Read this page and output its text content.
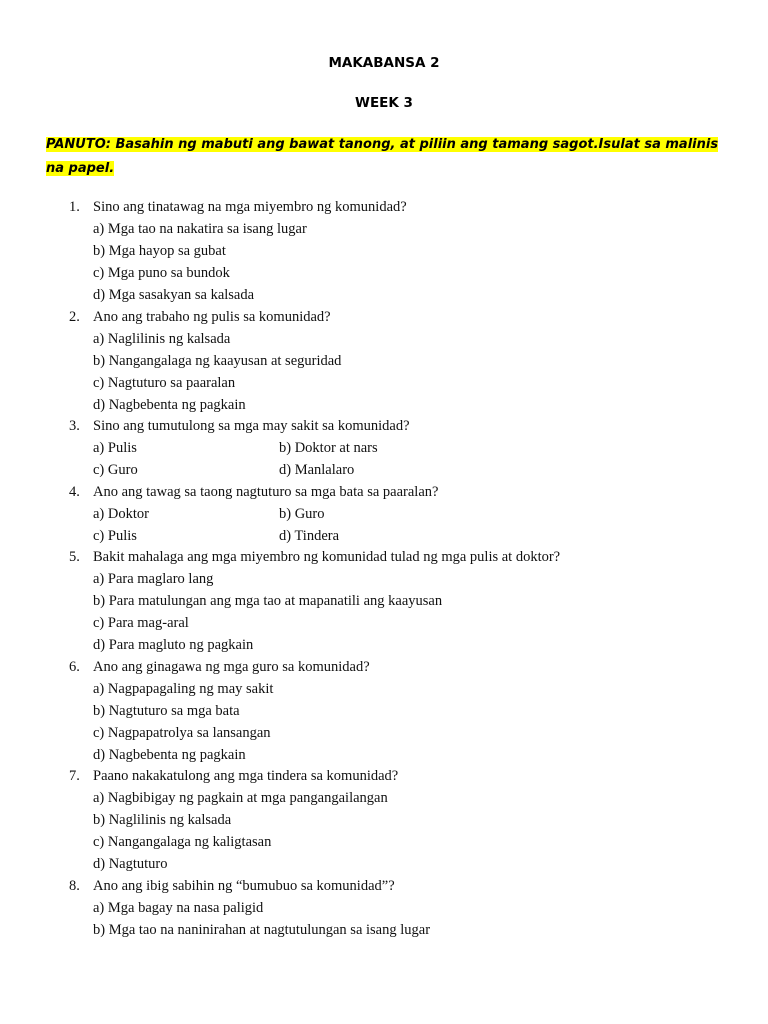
MAKABANSA 2
WEEK 3
PANUTO: Basahin ng mabuti ang bawat tanong, at piliin ang tamang sagot.Isulat sa malinis na papel.
1. Sino ang tinatawag na mga miyembro ng komunidad?
a) Mga tao na nakatira sa isang lugar
b) Mga hayop sa gubat
c) Mga puno sa bundok
d) Mga sasakyan sa kalsada
2. Ano ang trabaho ng pulis sa komunidad?
a) Naglilinis ng kalsada
b) Nangangalaga ng kaayusan at seguridad
c) Nagtuturo sa paaralan
d) Nagbebenta ng pagkain
3. Sino ang tumutulong sa mga may sakit sa komunidad?
a) Pulis	b) Doktor at nars
c) Guro	d) Manlalaro
4. Ano ang tawag sa taong nagtuturo sa mga bata sa paaralan?
a) Doktor	b) Guro
c) Pulis	d) Tindera
5. Bakit mahalaga ang mga miyembro ng komunidad tulad ng mga pulis at doktor?
a) Para maglaro lang
b) Para matulungan ang mga tao at mapanatili ang kaayusan
c) Para mag-aral
d) Para magluto ng pagkain
6. Ano ang ginagawa ng mga guro sa komunidad?
a) Nagpapagaling ng may sakit
b) Nagtuturo sa mga bata
c) Nagpapatrolya sa lansangan
d) Nagbebenta ng pagkain
7. Paano nakakatulong ang mga tindera sa komunidad?
a) Nagbibigay ng pagkain at mga pangangailangan
b) Naglilinis ng kalsada
c) Nangangalaga ng kaligtasan
d) Nagtuturo
8. Ano ang ibig sabihin ng “bumubuo sa komunidad”?
a) Mga bagay na nasa paligid
b) Mga tao na naninirahan at nagtutulungan sa isang lugar
